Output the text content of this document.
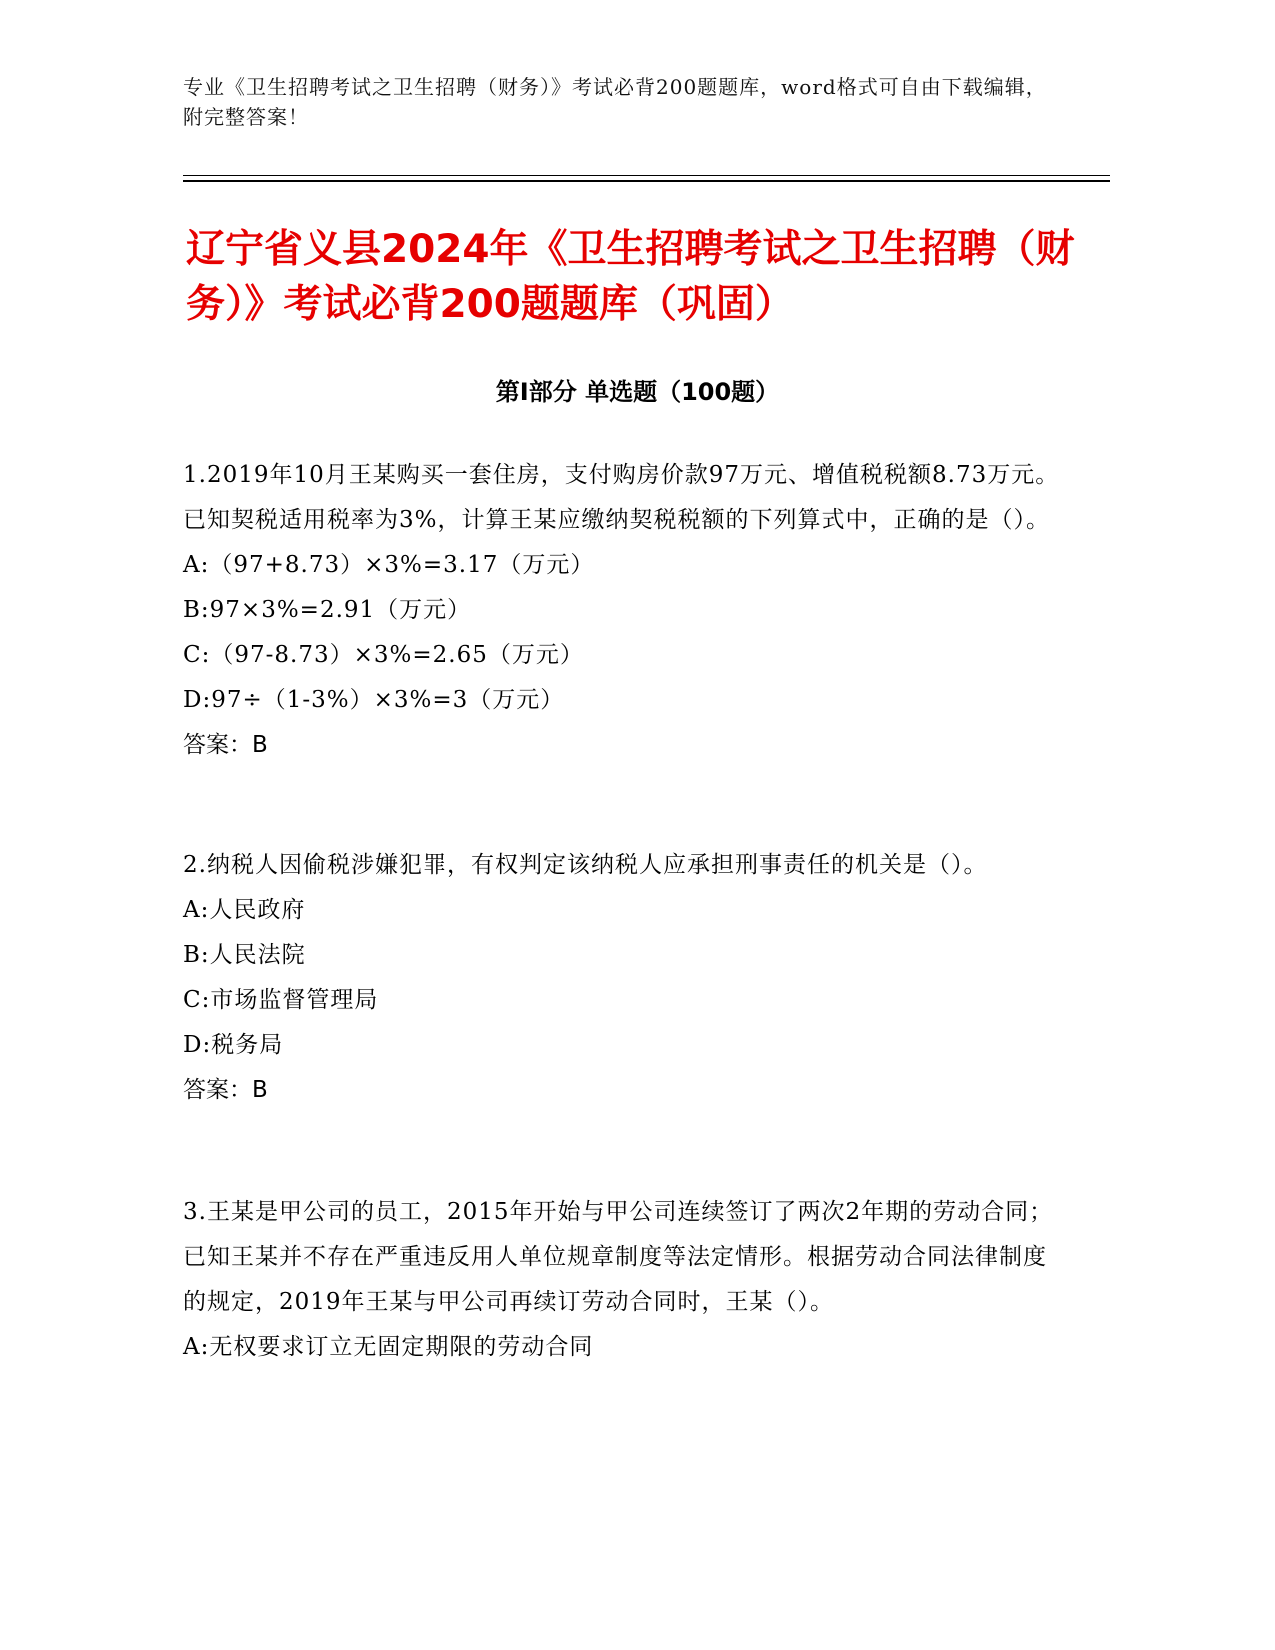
专业《卫生招聘考试之卫生招聘（财务）》考试必背200题题库，word格式可自由下载编辑，附完整答案！

辽宁省义县2024年《卫生招聘考试之卫生招聘（财务）》考试必背200题题库（巩固）
第Ⅰ部分 单选题（100题）

1.2019年10月王某购买一套住房，支付购房价款97万元、增值税税额8.73万元。已知契税适用税率为3%，计算王某应缴纳契税税额的下列算式中，正确的是（）。

A:（97+8.73）×3%=3.17（万元）

B:97×3%=2.91（万元）

C:（97-8.73）×3%=2.65（万元）

D:97÷（1-3%）×3%=3（万元）

答案：B

2.纳税人因偷税涉嫌犯罪，有权判定该纳税人应承担刑事责任的机关是（）。

A:人民政府

B:人民法院

C:市场监督管理局

D:税务局

答案：B

3.王某是甲公司的员工，2015年开始与甲公司连续签订了两次2年期的劳动合同；已知王某并不存在严重违反用人单位规章制度等法定情形。根据劳动合同法律制度的规定，2019年王某与甲公司再续订劳动合同时，王某（）。

A:无权要求订立无固定期限的劳动合同
